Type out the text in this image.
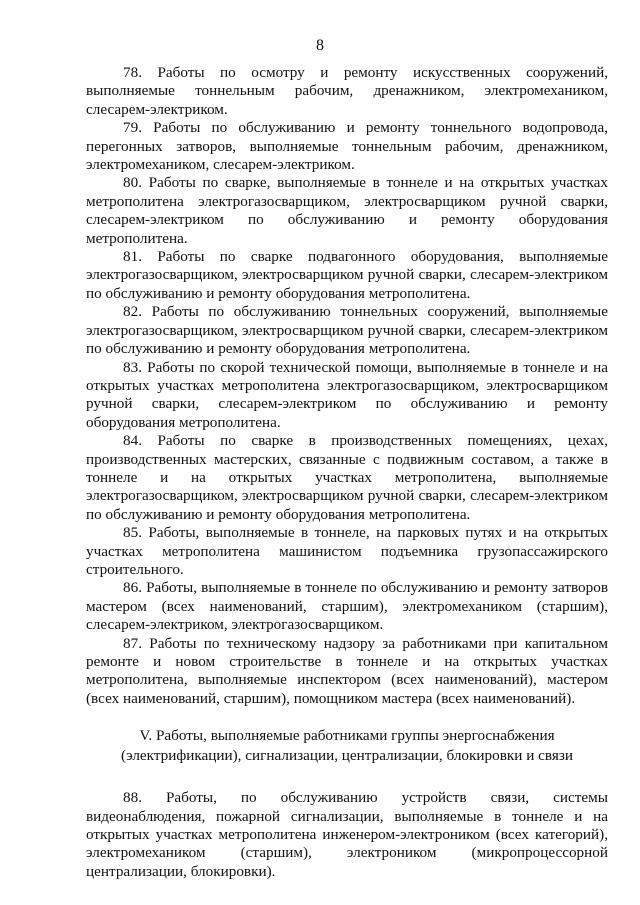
8

78. Работы по осмотру и ремонту искусственных сооружений, выполняемые тоннельным рабочим, дренажником, электромехаником, слесарем-электриком.

79. Работы по обслуживанию и ремонту тоннельного водопровода, перегонных затворов, выполняемые тоннельным рабочим, дренажником, электромехаником, слесарем-электриком.

80. Работы по сварке, выполняемые в тоннеле и на открытых участках метрополитена электрогазосварщиком, электросварщиком ручной сварки, слесарем-электриком по обслуживанию и ремонту оборудования метрополитена.

81. Работы по сварке подвагонного оборудования, выполняемые электрогазосварщиком, электросварщиком ручной сварки, слесарем-электриком по обслуживанию и ремонту оборудования метрополитена.

82. Работы по обслуживанию тоннельных сооружений, выполняемые электрогазосварщиком, электросварщиком ручной сварки, слесарем-электриком по обслуживанию и ремонту оборудования метрополитена.

83. Работы по скорой технической помощи, выполняемые в тоннеле и на открытых участках метрополитена электрогазосварщиком, электросварщиком ручной сварки, слесарем-электриком по обслуживанию и ремонту оборудования метрополитена.

84. Работы по сварке в производственных помещениях, цехах, производственных мастерских, связанные с подвижным составом, а также в тоннеле и на открытых участках метрополитена, выполняемые электрогазосварщиком, электросварщиком ручной сварки, слесарем-электриком по обслуживанию и ремонту оборудования метрополитена.

85. Работы, выполняемые в тоннеле, на парковых путях и на открытых участках метрополитена машинистом подъемника грузопассажирского строительного.

86. Работы, выполняемые в тоннеле по обслуживанию и ремонту затворов мастером (всех наименований, старшим), электромехаником (старшим), слесарем-электриком, электрогазосварщиком.

87. Работы по техническому надзору за работниками при капитальном ремонте и новом строительстве в тоннеле и на открытых участках метрополитена, выполняемые инспектором (всех наименований), мастером (всех наименований, старшим), помощником мастера (всех наименований).

V. Работы, выполняемые работниками группы энергоснабжения
(электрификации), сигнализации, централизации, блокировки и связи

88. Работы, по обслуживанию устройств связи, системы видеонаблюдения, пожарной сигнализации, выполняемые в тоннеле и на открытых участках метрополитена инженером-электроником (всех категорий), электромехаником (старшим), электроником (микропроцессорной централизации, блокировки).
